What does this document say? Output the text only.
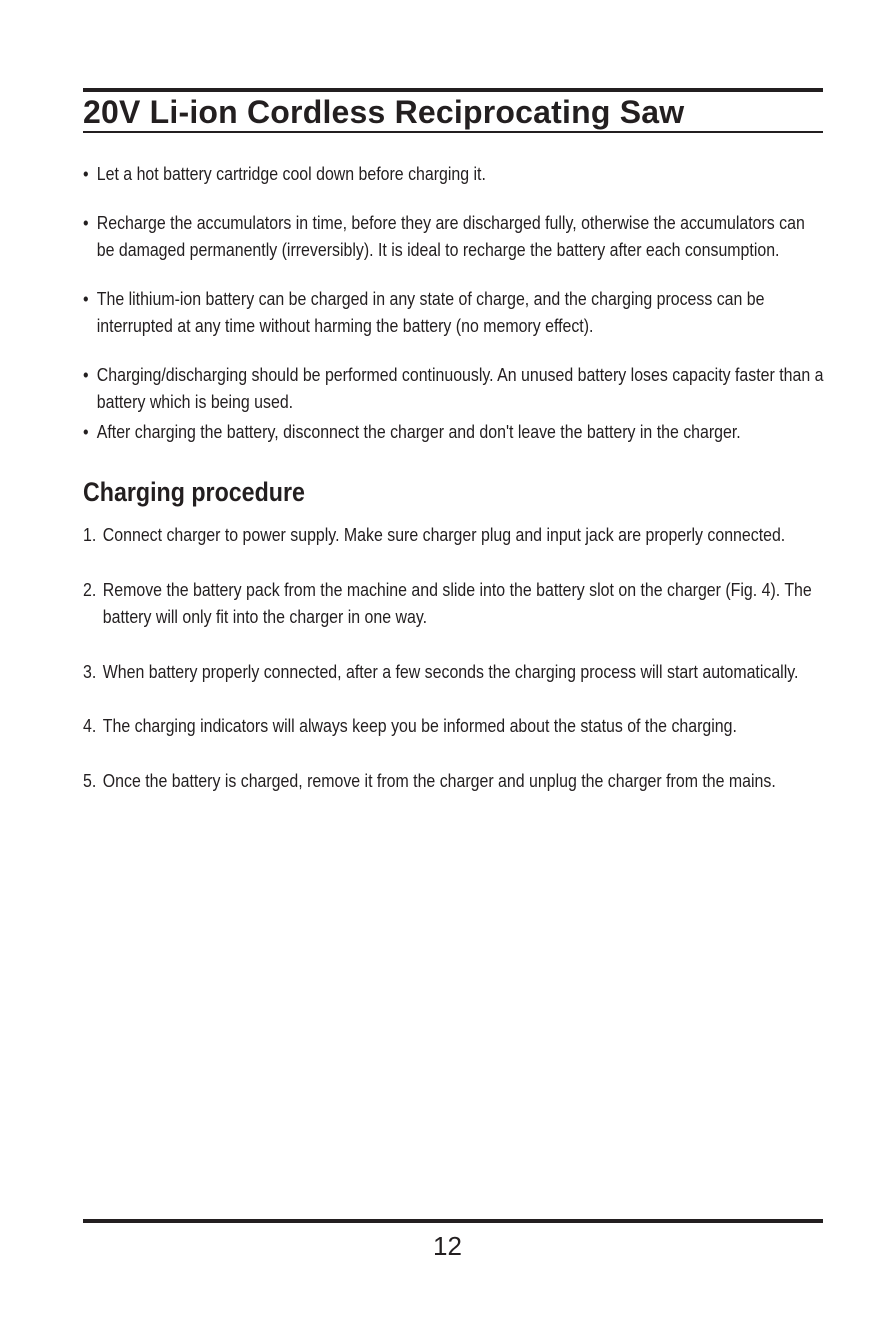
20V Li-ion Cordless Reciprocating Saw
• Let a hot battery cartridge cool down before charging it.
• Recharge the accumulators in time, before they are discharged fully, otherwise the accumulators can be damaged permanently (irreversibly). It is ideal to recharge the battery after each consumption.
• The lithium-ion battery can be charged in any state of charge, and the charging process can be interrupted at any time without harming the battery (no memory effect).
• Charging/discharging should be performed continuously. An unused battery loses capacity faster than a battery which is being used.
• After charging the battery, disconnect the charger and don't leave the battery in the charger.
Charging procedure
1. Connect charger to power supply. Make sure charger plug and input jack are properly connected.
2. Remove the battery pack from the machine and slide into the battery slot on the charger (Fig. 4). The battery will only fit into the charger in one way.
3. When battery properly connected, after a few seconds the charging process will start automatically.
4. The charging indicators will always keep you be informed about the status of the charging.
5. Once the battery is charged, remove it from the charger and unplug the charger from the mains.
12
